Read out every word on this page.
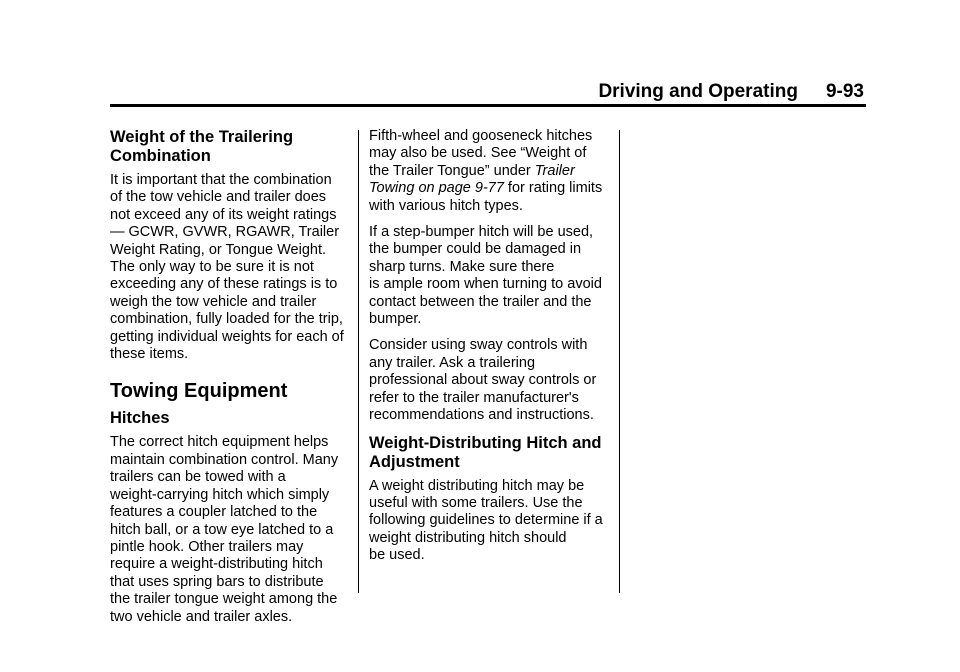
Driving and Operating 9-93
Weight of the Trailering
Combination

It is important that the combination
of the tow vehicle and trailer does
not exceed any of its weight ratings
— GCWR, GVWR, RGAWR, Trailer
Weight Rating, or Tongue Weight.
The only way to be sure it is not
exceeding any of these ratings is to
weigh the tow vehicle and trailer
combination, fully loaded for the trip,
getting individual weights for each of
these items.

Towing Equipment
Hitches

The correct hitch equipment helps
maintain combination control. Many
trailers can be towed with a
weight-carrying hitch which simply
features a coupler latched to the
hitch ball, or a tow eye latched to a
pintle hook. Other trailers may
require a weight-distributing hitch
that uses spring bars to distribute
the trailer tongue weight among the
two vehicle and trailer axles.

Fifth-wheel and gooseneck hitches
may also be used. See “Weight of
the Trailer Tongue” under Trailer
Towing on page 9-77 for rating limits
with various hitch types.

If a step-bumper hitch will be used,
the bumper could be damaged in
sharp turns. Make sure there
is ample room when turning to avoid
contact between the trailer and the
bumper.

Consider using sway controls with
any trailer. Ask a trailering
professional about sway controls or
refer to the trailer manufacturer's
recommendations and instructions.

Weight-Distributing Hitch and
Adjustment

A weight distributing hitch may be
useful with some trailers. Use the
following guidelines to determine if a
weight distributing hitch should
be used.
